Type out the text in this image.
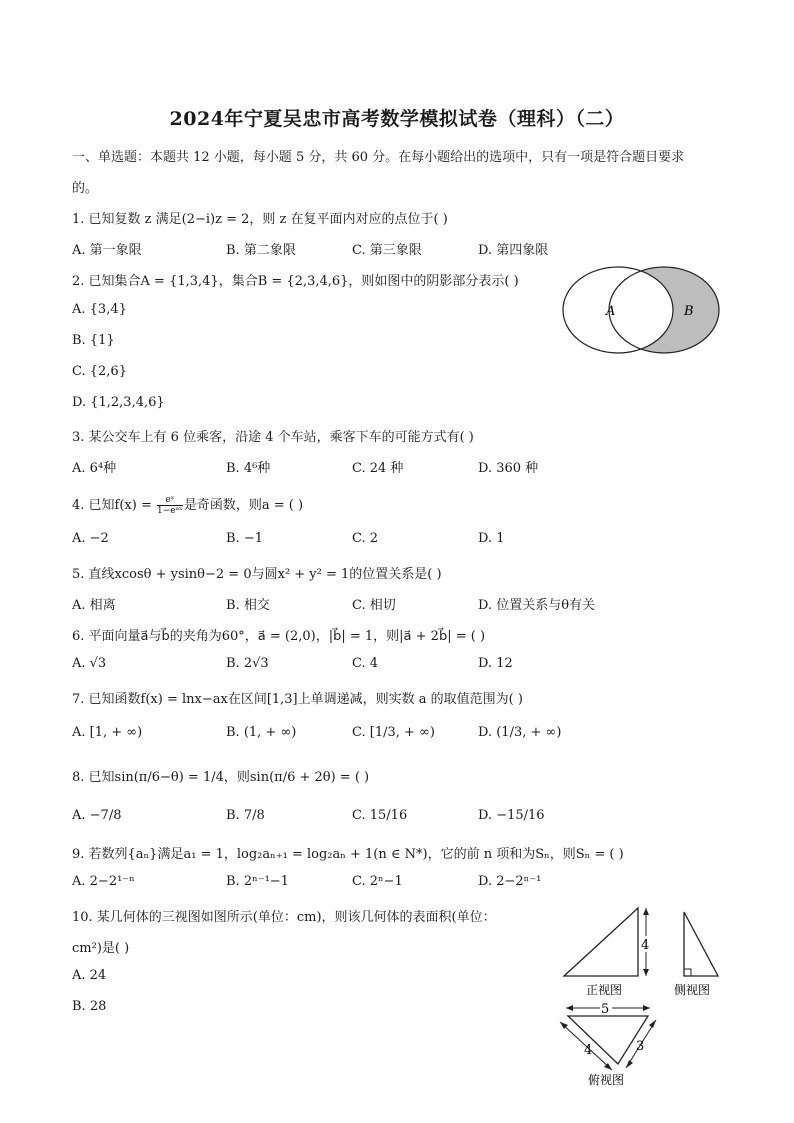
2024年宁夏吴忠市高考数学模拟试卷（理科）（二）
一、单选题：本题共 12 小题，每小题 5 分，共 60 分。在每小题给出的选项中，只有一项是符合题目要求
的。
1. 已知复数 z 满足(2−i)z = 2，则 z 在复平面内对应的点位于( )
A. 第一象限	B. 第二象限	C. 第三象限	D. 第四象限
2. 已知集合A = {1,3,4}，集合B = {2,3,4,6}，则如图中的阴影部分表示( )
A. {3,4}
B. {1}
C. {2,6}
D. {1,2,3,4,6}
A	B
3. 某公交车上有 6 位乘客，沿途 4 个车站，乘客下车的可能方式有( )
A. 6⁴种	B. 4⁶种	C. 24 种	D. 360 种
4. 已知$f(x) = \frac{\text{eˣ}}{\text{1−eᵃˣ}}$ 是奇函数，则a = ( )
A. −2	B. −1	C. 2	D. 1
5. 直线xcosθ + ysinθ−2 = 0与圆x² + y² = 1的位置关系是( )
A. 相离	B. 相交	C. 相切	D. 位置关系与θ有关
6. 平面向量a⃗与b⃗的夹角为60°，a⃗ = (2,0)，|b⃗| = 1，则|a⃗ + 2b⃗| = ( )
A. √3	B. 2√3	C. 4	D. 12
7. 已知函数f(x) = lnx−ax在区间[1,3]上单调递减，则实数 a 的取值范围为( )
A. [1, + ∞)	B. (1, + ∞)	C. [1/3, + ∞)	D. (1/3, + ∞)
8. 已知sin(π/6−θ) = 1/4，则sin(π/6 + 2θ) = ( )
A. −7/8	B. 7/8	C. 15/16	D. −15/16
9. 若数列{aₙ}满足a₁ = 1，log₂aₙ₊₁ = log₂aₙ + 1(n ∈ N*)，它的前 n 项和为Sₙ，则Sₙ = ( )
A. 2−2¹⁻ⁿ	B. 2ⁿ⁻¹−1	C. 2ⁿ−1	D. 2−2ⁿ⁻¹
10. 某几何体的三视图如图所示(单位：cm)，则该几何体的表面积(单位：
cm²)是( )
A. 24
B. 28
4
正视图	侧视图
5
4	3
俯视图
